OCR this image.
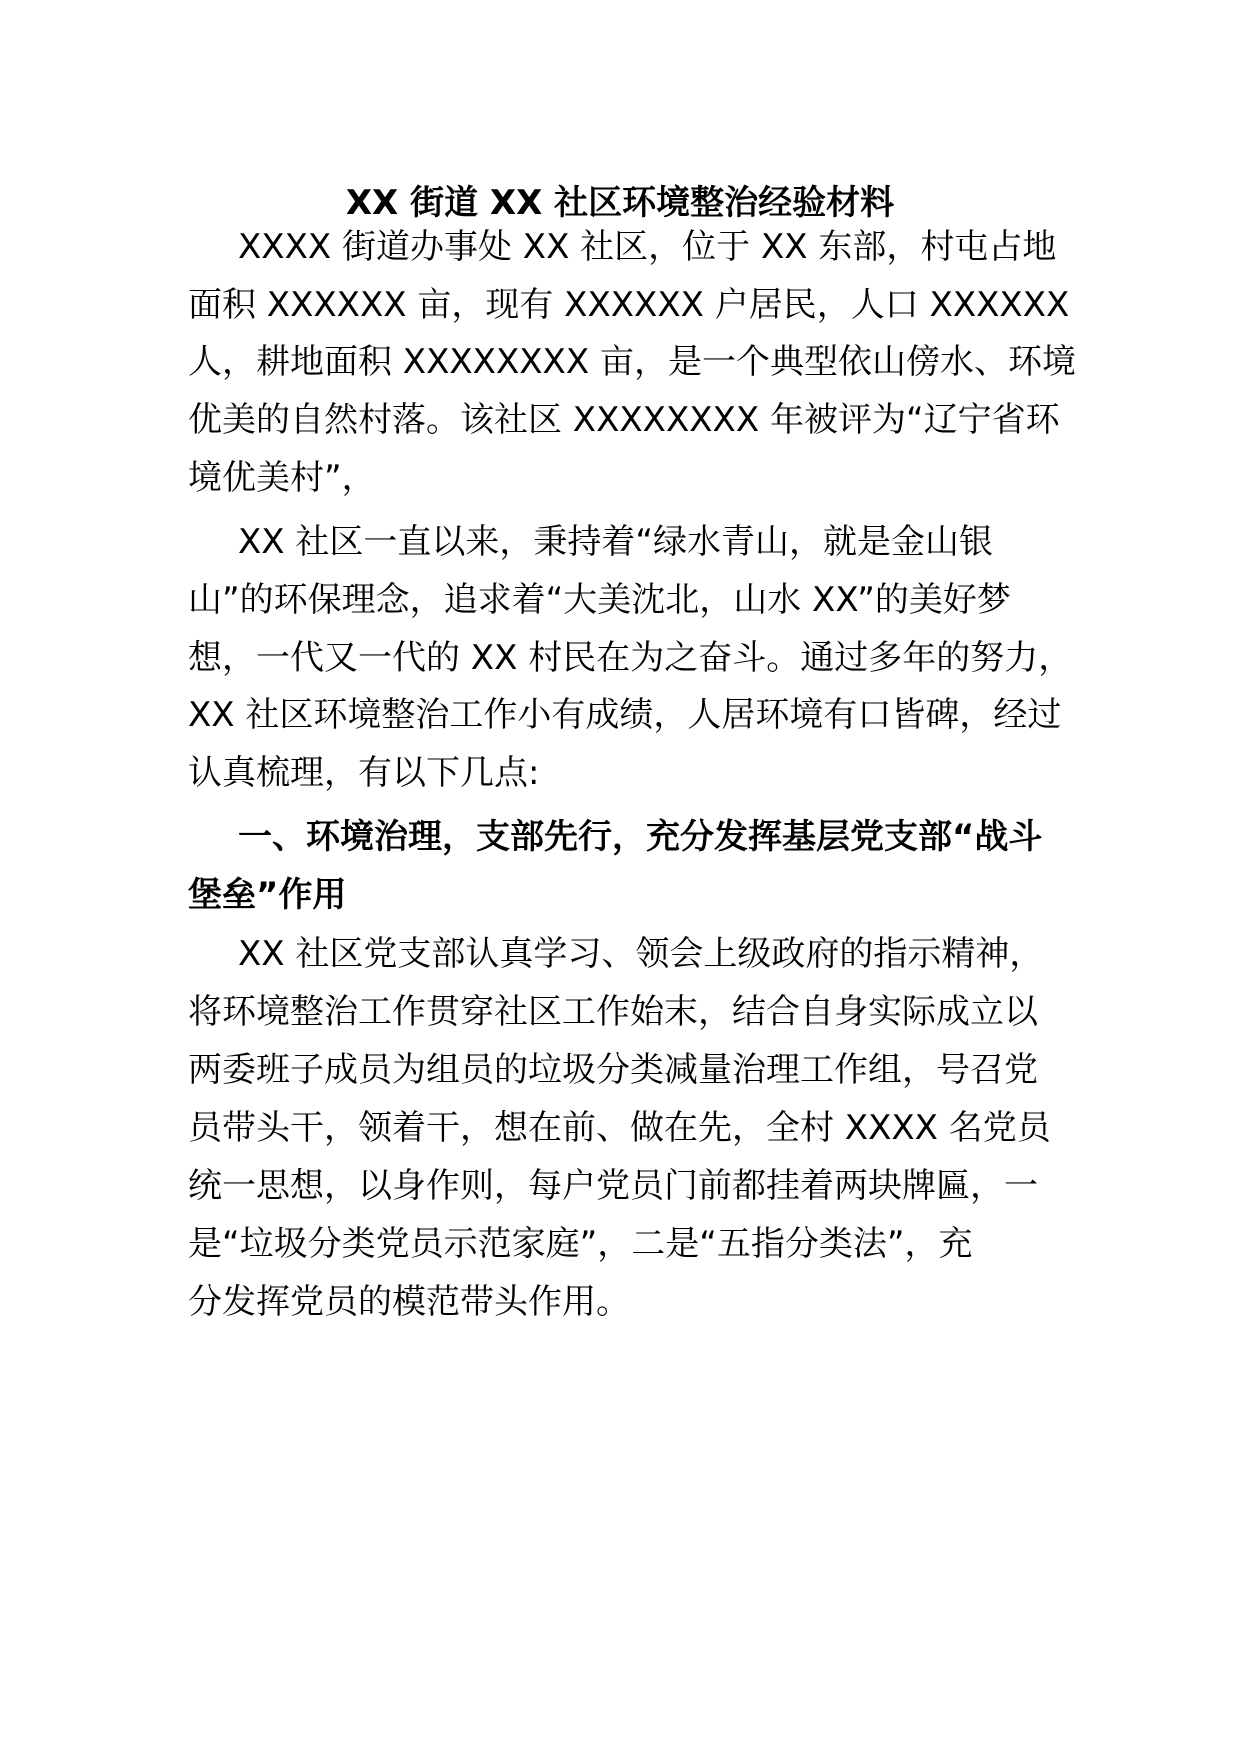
XX 街道 XX 社区环境整治经验材料

XXXX 街道办事处 XX 社区，位于 XX 东部，村屯占地

面积 XXXXXX 亩，现有 XXXXXX 户居民，人口 XXXXXX

人，耕地面积 XXXXXXXX 亩，是一个典型依山傍水、环境

优美的自然村落。该社区 XXXXXXXX 年被评为“辽宁省环

境优美村”，

XX 社区一直以来，秉持着“绿水青山，就是金山银

山”的环保理念，追求着“大美沈北，山水 XX”的美好梦

想，一代又一代的 XX 村民在为之奋斗。通过多年的努力，

XX 社区环境整治工作小有成绩，人居环境有口皆碑，经过

认真梳理，有以下几点:

一、环境治理，支部先行，充分发挥基层党支部“战斗

堡垒”作用

XX 社区党支部认真学习、领会上级政府的指示精神，

将环境整治工作贯穿社区工作始末，结合自身实际成立以

两委班子成员为组员的垃圾分类减量治理工作组，号召党

员带头干，领着干，想在前、做在先，全村 XXXX 名党员

统一思想，以身作则，每户党员门前都挂着两块牌匾，一

是“垃圾分类党员示范家庭”，二是“五指分类法”，充

分发挥党员的模范带头作用。
